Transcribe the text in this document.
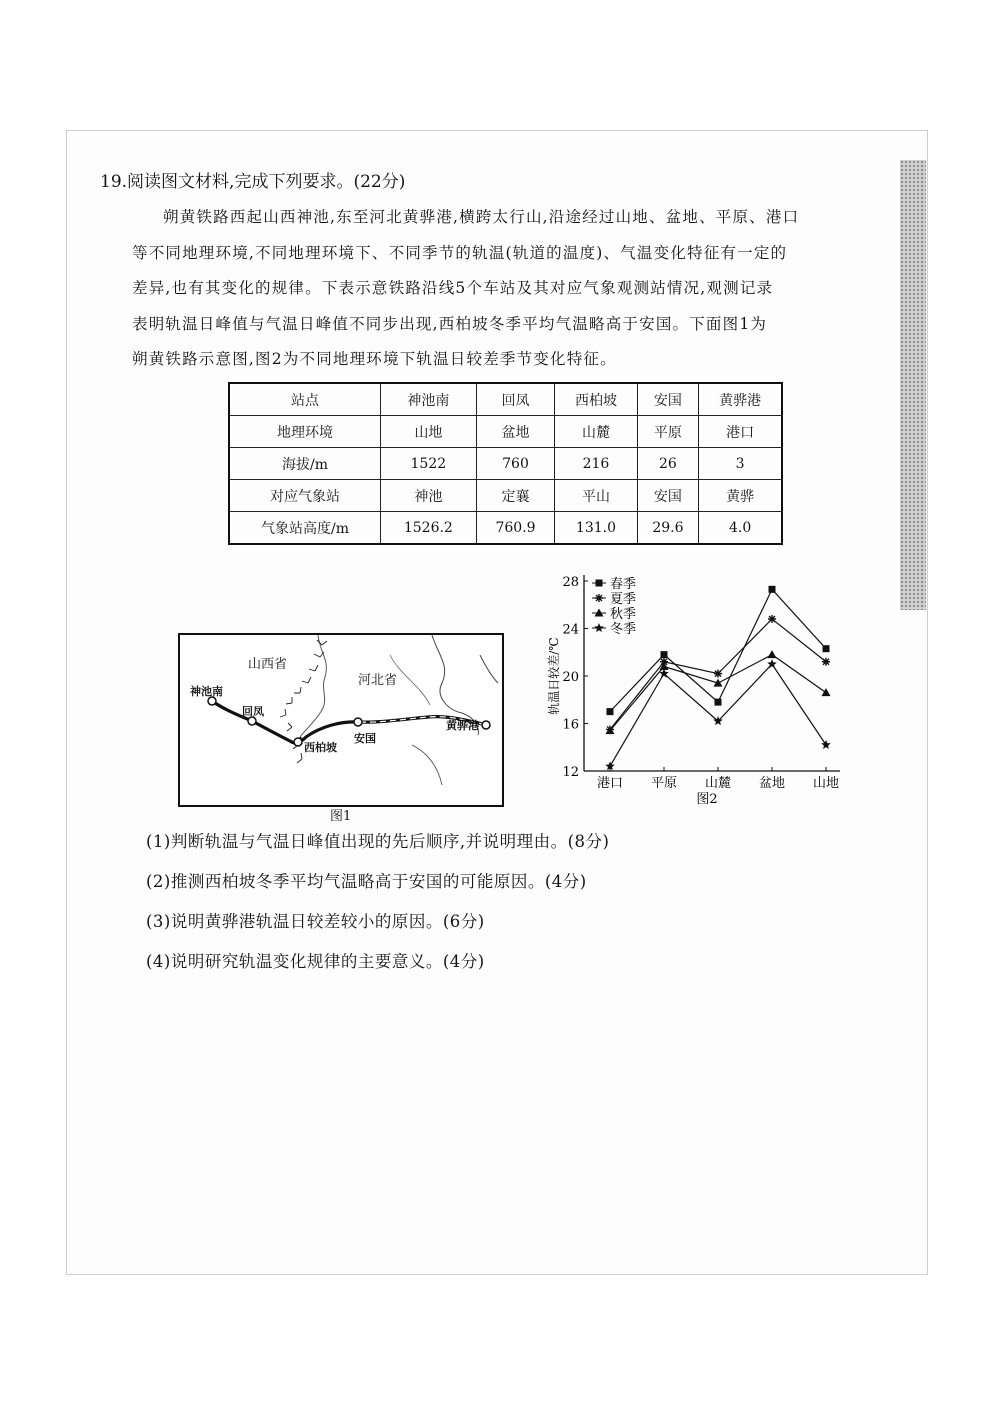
19.阅读图文材料,完成下列要求。(22分)

朔黄铁路西起山西神池,东至河北黄骅港,横跨太行山,沿途经过山地、盆地、平原、港口

等不同地理环境,不同地理环境下、不同季节的轨温(轨道的温度)、气温变化特征有一定的

差异,也有其变化的规律。下表示意铁路沿线5个车站及其对应气象观测站情况,观测记录

表明轨温日峰值与气温日峰值不同步出现,西柏坡冬季平均气温略高于安国。下面图1为

朔黄铁路示意图,图2为不同地理环境下轨温日较差季节变化特征。

站点	神池南	回凤	西柏坡	安国	黄骅港
地理环境	山地	盆地	山麓	平原	港口
海拔/m	1522	760	216	26	3
对应气象站	神池	定襄	平山	安国	黄骅
气象站高度/m	1526.2	760.9	131.0	29.6	4.0
山西省
河北省
神池南
回凤
西柏坡
安国
黄骅港
图1
12
16
20
24
28
港口 平原 山麓 盆地 山地
轨温日较差/℃
图2
春季
夏季
秋季
冬季
(1)判断轨温与气温日峰值出现的先后顺序,并说明理由。(8分)
(2)推测西柏坡冬季平均气温略高于安国的可能原因。(4分)
(3)说明黄骅港轨温日较差较小的原因。(6分)
(4)说明研究轨温变化规律的主要意义。(4分)
